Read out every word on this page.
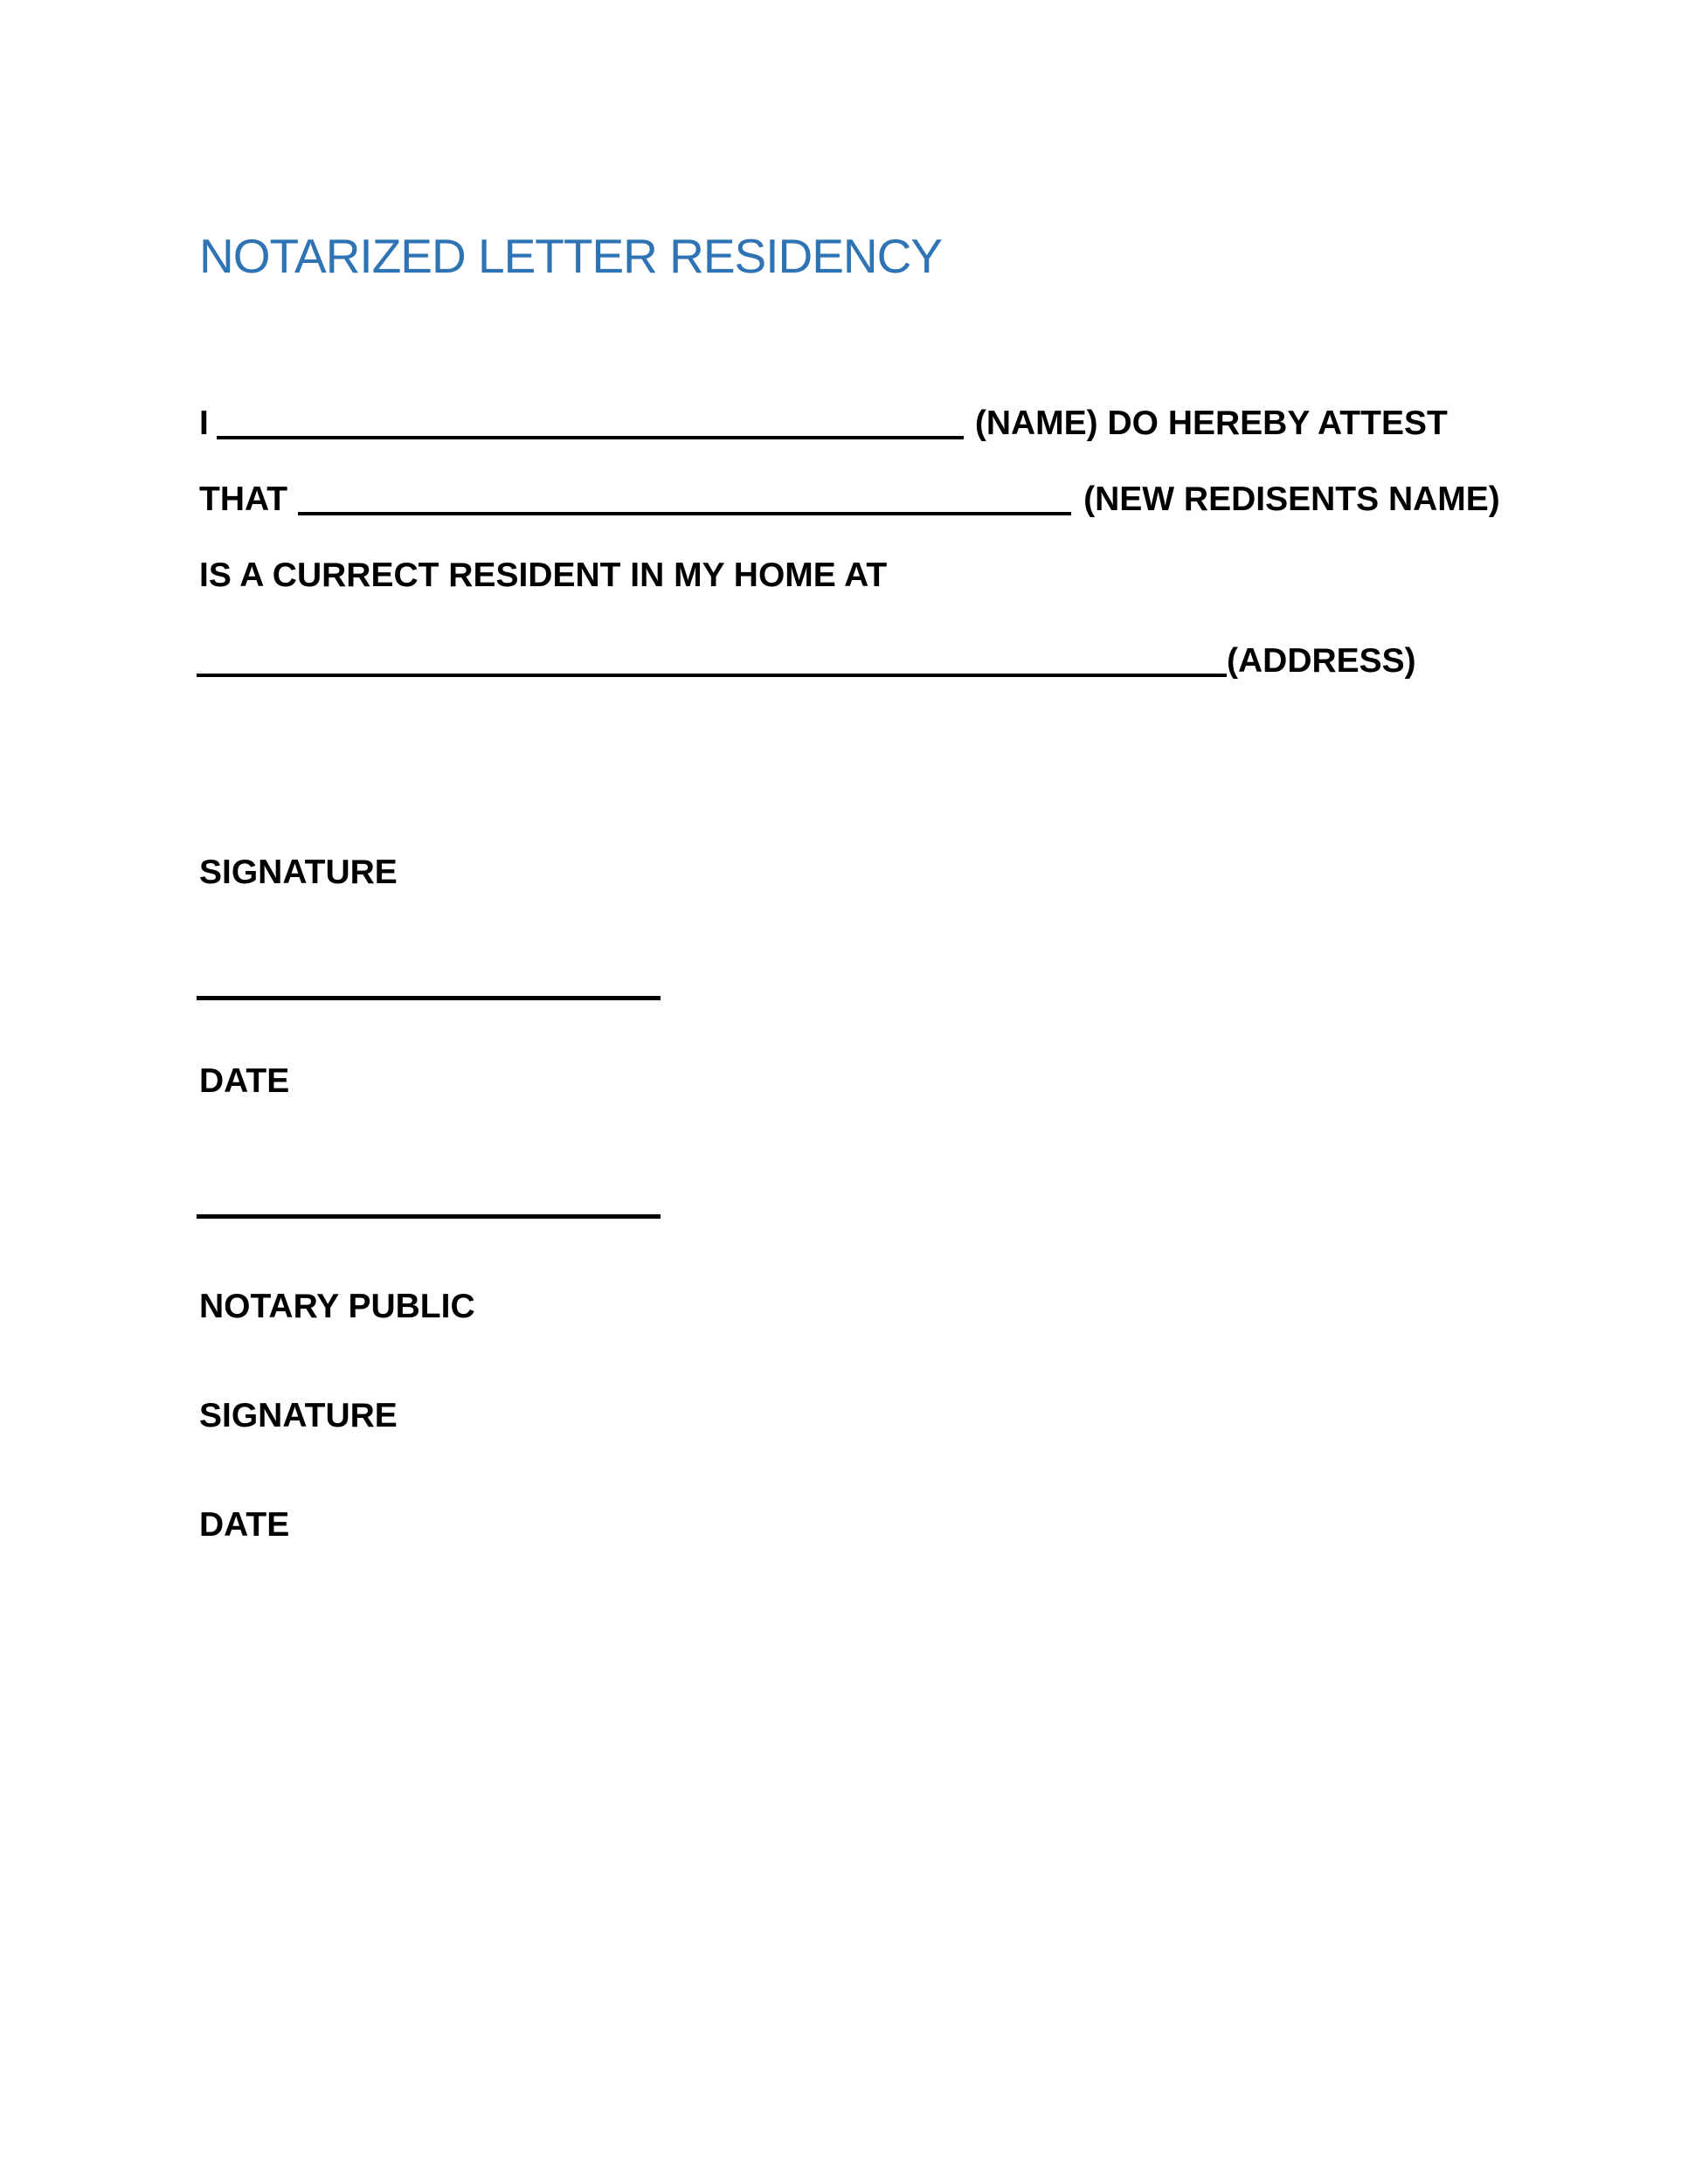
NOTARIZED LETTER RESIDENCY
I	(NAME) DO HEREBY ATTEST
THAT	(NEW REDISENTS NAME)
IS A CURRECT RESIDENT IN MY HOME AT
(ADDRESS)
SIGNATURE
DATE
NOTARY PUBLIC
SIGNATURE
DATE
